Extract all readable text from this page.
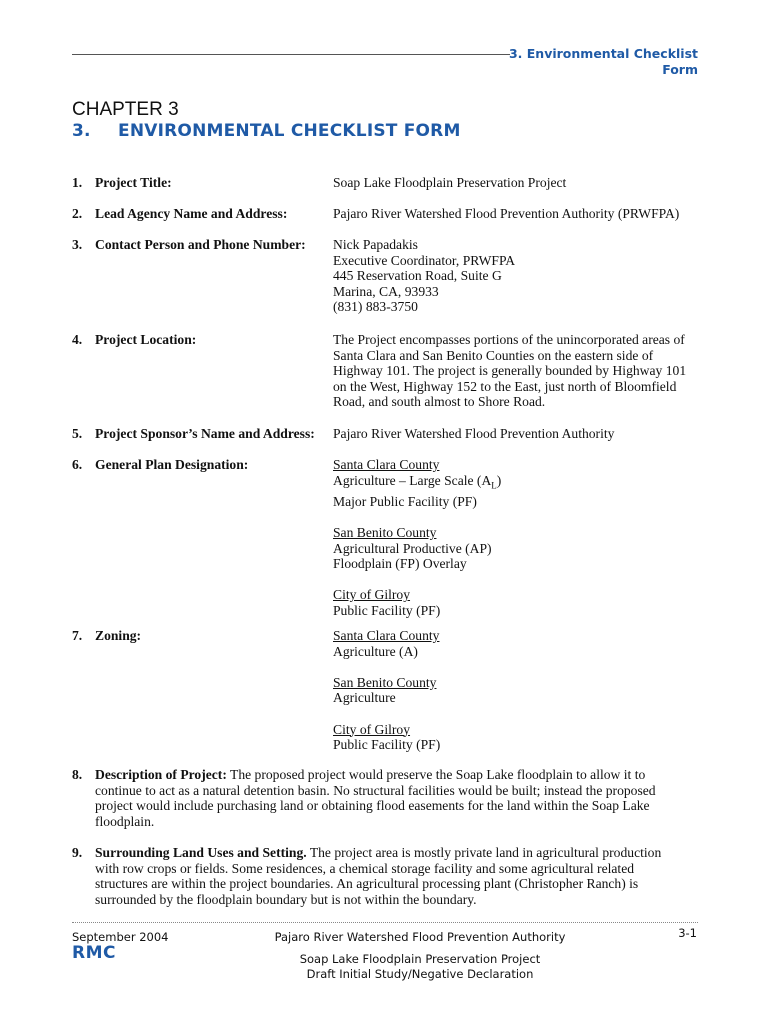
3. Environmental Checklist
Form
CHAPTER 3
3. ENVIRONMENTAL CHECKLIST FORM
1. Project Title:	Soap Lake Floodplain Preservation Project
2. Lead Agency Name and Address:	Pajaro River Watershed Flood Prevention Authority (PRWFPA)
3. Contact Person and Phone Number: Nick Papadakis
Executive Coordinator, PRWFPA
445 Reservation Road, Suite G
Marina, CA, 93933
(831) 883-3750
4. Project Location:	The Project encompasses portions of the unincorporated areas of
Santa Clara and San Benito Counties on the eastern side of
Highway 101. The project is generally bounded by Highway 101
on the West, Highway 152 to the East, just north of Bloomfield
Road, and south almost to Shore Road.
5. Project Sponsor’s Name and Address: Pajaro River Watershed Flood Prevention Authority
6. General Plan Designation:	Santa Clara County
Agriculture – Large Scale $(A_L)$
Major Public Facility (PF)
San Benito County
Agricultural Productive (AP)
Floodplain (FP) Overlay
City of Gilroy
Public Facility (PF)
7. Zoning:	Santa Clara County
Agriculture (A)
San Benito County
Agriculture
City of Gilroy
Public Facility (PF)
8. Description of Project: The proposed project would preserve the Soap Lake floodplain to allow it to
continue to act as a natural detention basin. No structural facilities would be built; instead the proposed
project would include purchasing land or obtaining flood easements for the land within the Soap Lake
floodplain.
9. Surrounding Land Uses and Setting. The project area is mostly private land in agricultural production
with row crops or fields. Some residences, a chemical storage facility and some agricultural related
structures are within the project boundaries. An agricultural processing plant (Christopher Ranch) is
surrounded by the floodplain boundary but is not within the boundary.
September 2004
RMC
Pajaro River Watershed Flood Prevention Authority
Soap Lake Floodplain Preservation Project
Draft Initial Study/Negative Declaration
3-1
